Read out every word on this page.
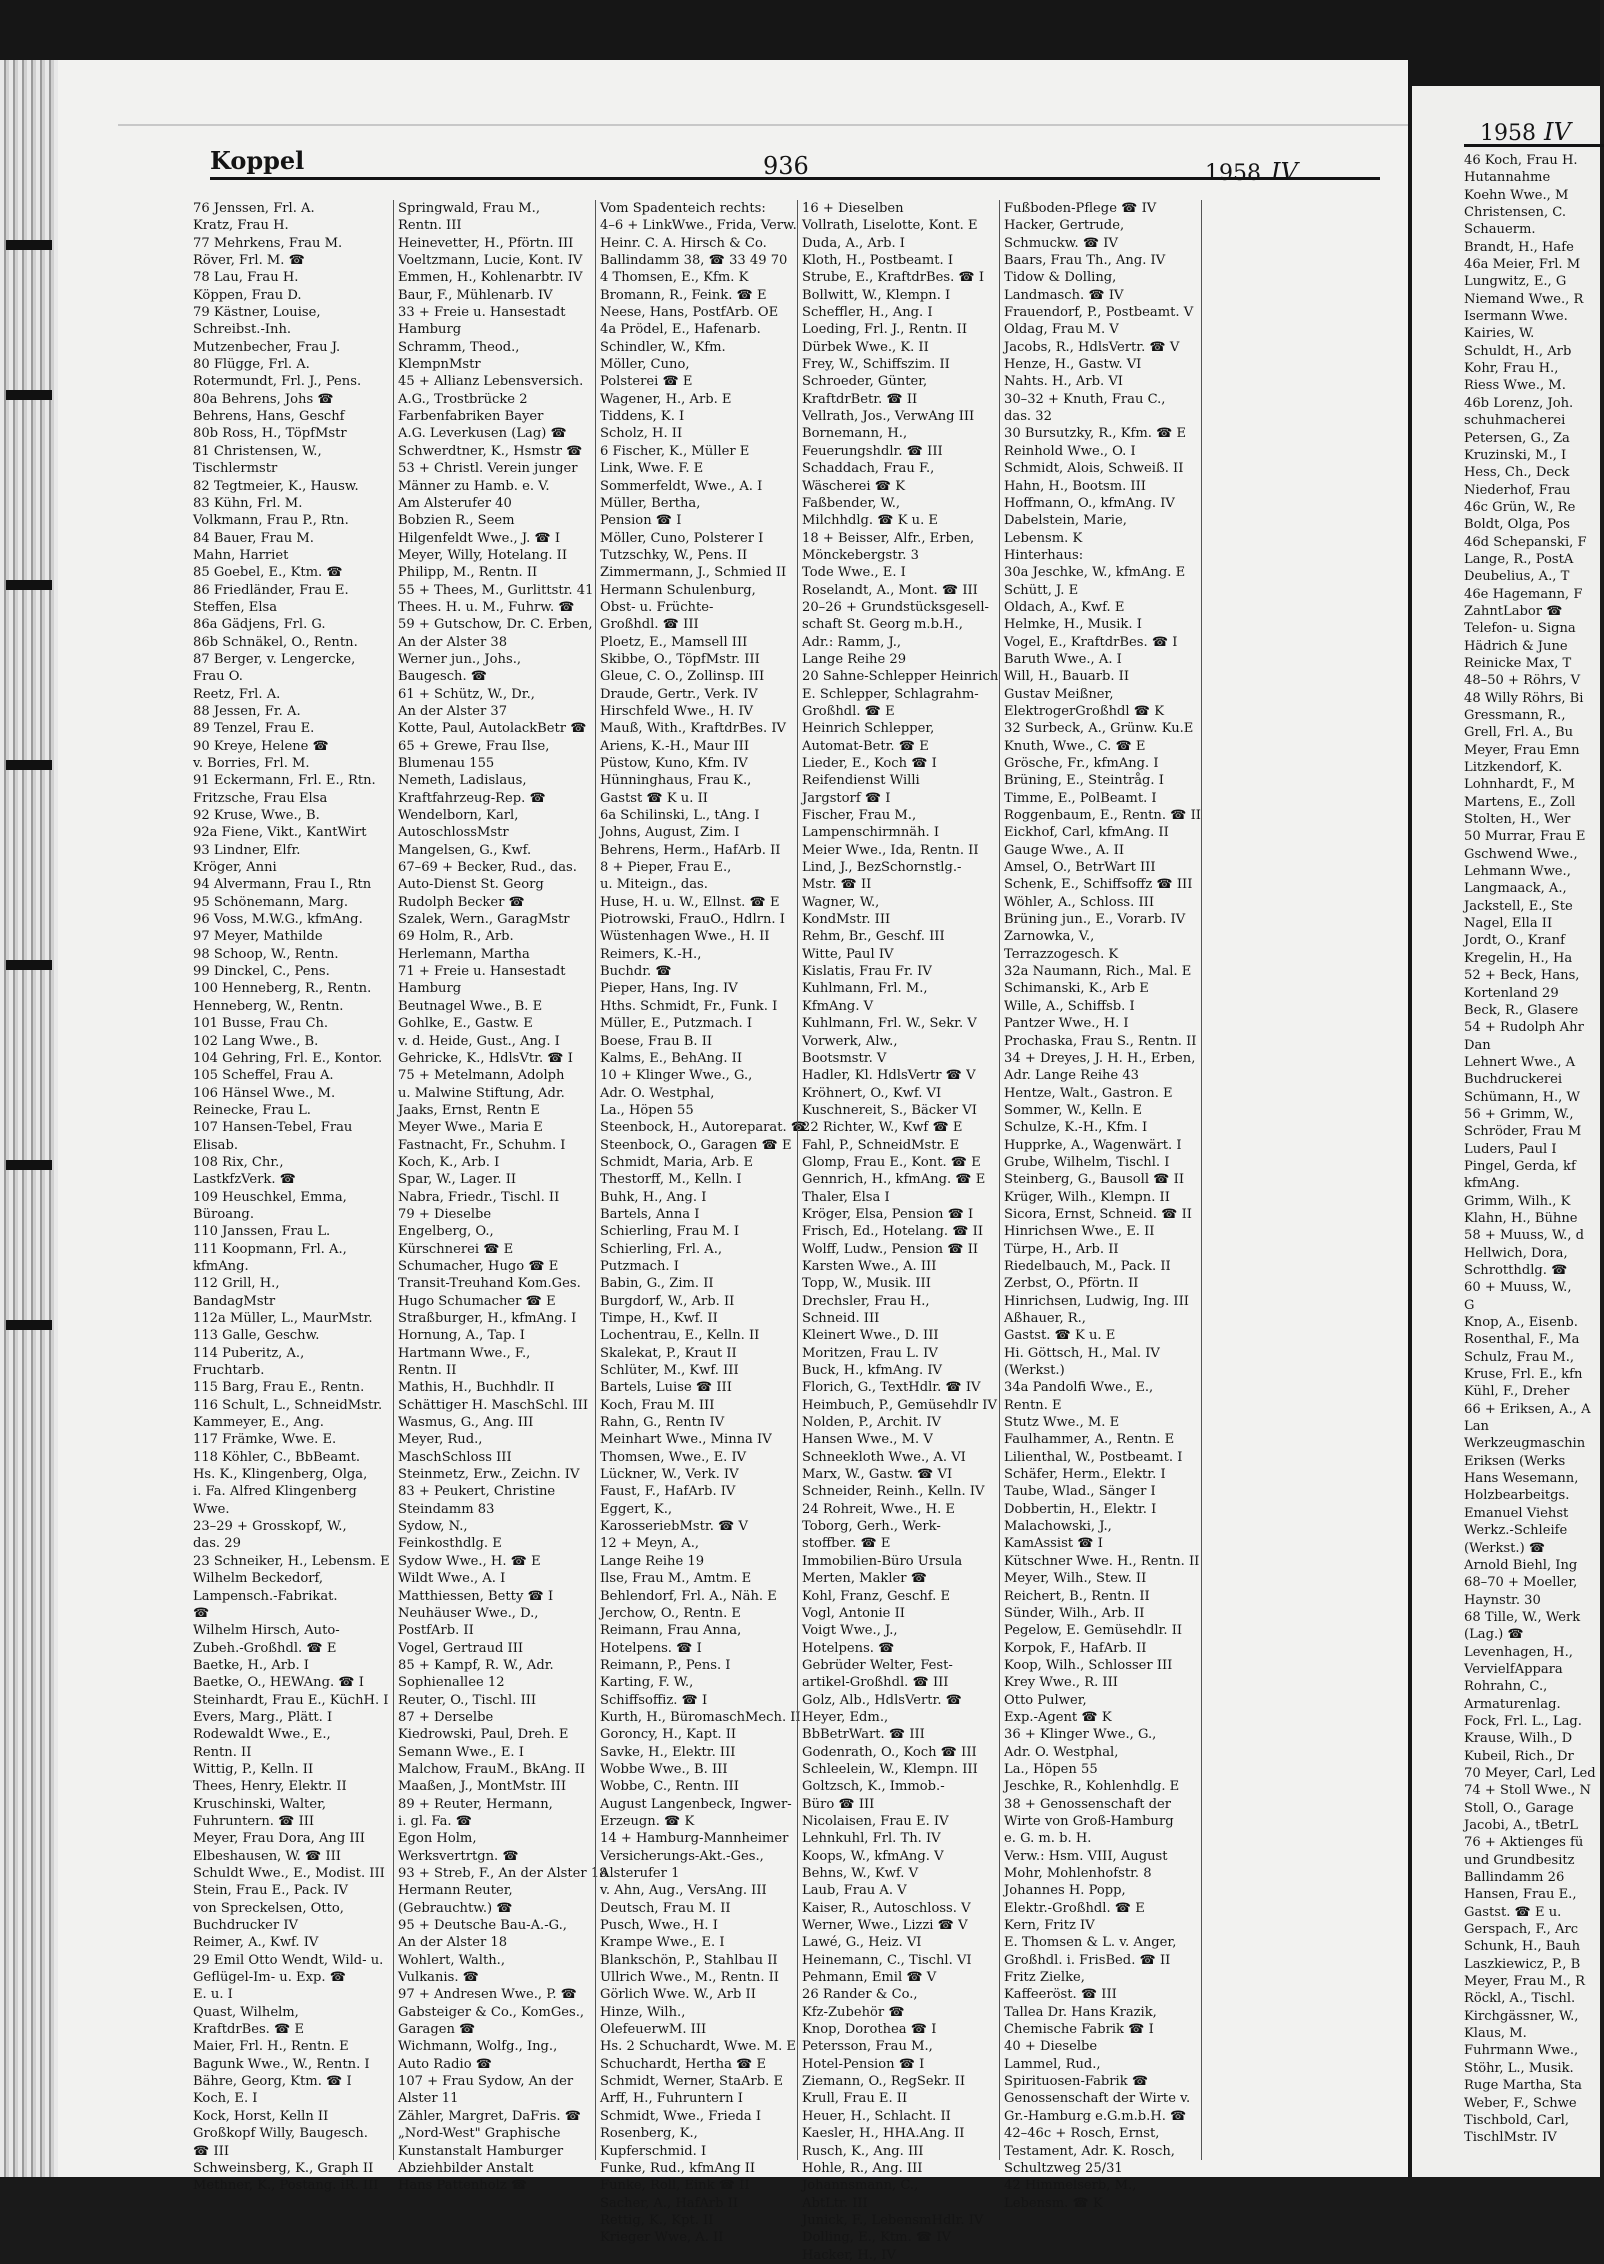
Koppel	936	1958 IV
76 Jenssen, Frl. A.
Kratz, Frau H.
77 Mehrkens, Frau M.
Röver, Frl. M. ☎
78 Lau, Frau H.
Köppen, Frau D.
79 Kästner, Louise,
Schreibst.-Inh.
Mutzenbecher, Frau J.
80 Flügge, Frl. A.
Rotermundt, Frl. J., Pens.
80a Behrens, Johs ☎
Behrens, Hans, Geschf
80b Ross, H., TöpfMstr
81 Christensen, W.,
Tischlermstr
82 Tegtmeier, K., Hausw.
83 Kühn, Frl. M.
Volkmann, Frau P., Rtn.
84 Bauer, Frau M.
Mahn, Harriet
85 Goebel, E., Ktm. ☎
86 Friedländer, Frau E.
Steffen, Elsa
86a Gädjens, Frl. G.
86b Schnäkel, O., Rentn.
87 Berger, v. Lengercke,
Frau O.
Reetz, Frl. A.
88 Jessen, Fr. A.
89 Tenzel, Frau E.
90 Kreye, Helene ☎
v. Borries, Frl. M.
91 Eckermann, Frl. E., Rtn.
Fritzsche, Frau Elsa
92 Kruse, Wwe., B.
92a Fiene, Vikt., KantWirt
93 Lindner, Elfr.
Kröger, Anni
94 Alvermann, Frau I., Rtn
95 Schönemann, Marg.
96 Voss, M.W.G., kfmAng.
97 Meyer, Mathilde
98 Schoop, W., Rentn.
99 Dinckel, C., Pens.
100 Henneberg, R., Rentn.
Henneberg, W., Rentn.
101 Busse, Frau Ch.
102 Lang Wwe., B.
104 Gehring, Frl. E., Kontor.
105 Scheffel, Frau A.
106 Hänsel Wwe., M.
Reinecke, Frau L.
107 Hansen-Tebel, Frau
Elisab.
108 Rix, Chr.,
LastkfzVerk. ☎
109 Heuschkel, Emma,
Büroang.
110 Janssen, Frau L.
111 Koopmann, Frl. A.,
kfmAng.
112 Grill, H.,
BandagMstr
112a Müller, L., MaurMstr.
113 Galle, Geschw.
114 Puberitz, A.,
Fruchtarb.
115 Barg, Frau E., Rentn.
116 Schult, L., SchneidMstr.
Kammeyer, E., Ang.
117 Främke, Wwe. E.
118 Köhler, C., BbBeamt.
Hs. K., Klingenberg, Olga,
i. Fa. Alfred Klingenberg
Wwe.
23–29 + Grosskopf, W.,
das. 29
23 Schneiker, H., Lebensm. E
Wilhelm Beckedorf,
Lampensch.-Fabrikat.
☎
Wilhelm Hirsch, Auto-
Zubeh.-Großhdl. ☎ E
Baetke, H., Arb. I
Baetke, O., HEWAng. ☎ I
Steinhardt, Frau E., KüchH. I
Evers, Marg., Plätt. I
Rodewaldt Wwe., E.,
Rentn. II
Wittig, P., Kelln. II
Thees, Henry, Elektr. II
Kruschinski, Walter,
Fuhruntern. ☎ III
Meyer, Frau Dora, Ang III
Elbeshausen, W. ☎ III
Schuldt Wwe., E., Modist. III
Stein, Frau E., Pack. IV
von Spreckelsen, Otto,
Buchdrucker IV
Reimer, A., Kwf. IV
29 Emil Otto Wendt, Wild- u.
Geflügel-Im- u. Exp. ☎
E. u. I
Quast, Wilhelm,
KraftdrBes. ☎ E
Maier, Frl. H., Rentn. E
Bagunk Wwe., W., Rentn. I
Bähre, Georg, Ktm. ☎ I
Koch, E. I
Kock, Horst, Kelln II
Großkopf Willy, Baugesch.
☎ III
Schweinsberg, K., Graph II
Methner, K., Postang. iR. III
Springwald, Frau M.,
Rentn. III
Heinevetter, H., Pförtn. III
Voeltzmann, Lucie, Kont. IV
Emmen, H., Kohlenarbtr. IV
Baur, F., Mühlenarb. IV
33 + Freie u. Hansestadt
Hamburg
Schramm, Theod.,
KlempnMstr
45 + Allianz Lebensversich.
A.G., Trostbrücke 2
Farbenfabriken Bayer
A.G. Leverkusen (Lag) ☎
Schwerdtner, K., Hsmstr ☎
53 + Christl. Verein junger
Männer zu Hamb. e. V.
Am Alsterufer 40
Bobzien R., Seem
Hilgenfeldt Wwe., J. ☎ I
Meyer, Willy, Hotelang. II
Philipp, M., Rentn. II
55 + Thees, M., Gurlittstr. 41
Thees. H. u. M., Fuhrw. ☎
59 + Gutschow, Dr. C. Erben,
An der Alster 38
Werner jun., Johs.,
Baugesch. ☎
61 + Schütz, W., Dr.,
An der Alster 37
Kotte, Paul, AutolackBetr ☎
65 + Grewe, Frau Ilse,
Blumenau 155
Nemeth, Ladislaus,
Kraftfahrzeug-Rep. ☎
Wendelborn, Karl,
AutoschlossMstr
Mangelsen, G., Kwf.
67–69 + Becker, Rud., das.
Auto-Dienst St. Georg
Rudolph Becker ☎
Szalek, Wern., GaragMstr
69 Holm, R., Arb.
Herlemann, Martha
71 + Freie u. Hansestadt
Hamburg
Beutnagel Wwe., B. E
Gohlke, E., Gastw. E
v. d. Heide, Gust., Ang. I
Gehricke, K., HdlsVtr. ☎ I
75 + Metelmann, Adolph
u. Malwine Stiftung, Adr.
Jaaks, Ernst, Rentn E
Meyer Wwe., Maria E
Fastnacht, Fr., Schuhm. I
Koch, K., Arb. I
Spar, W., Lager. II
Nabra, Friedr., Tischl. II
79 + Dieselbe
Engelberg, O.,
Kürschnerei ☎ E
Schumacher, Hugo ☎ E
Transit-Treuhand Kom.Ges.
Hugo Schumacher ☎ E
Straßburger, H., kfmAng. I
Hornung, A., Tap. I
Hartmann Wwe., F.,
Rentn. II
Mathis, H., Buchhdlr. II
Schättiger H. MaschSchl. III
Wasmus, G., Ang. III
Meyer, Rud.,
MaschSchloss III
Steinmetz, Erw., Zeichn. IV
83 + Peukert, Christine
Steindamm 83
Sydow, N.,
Feinkosthdlg. E
Sydow Wwe., H. ☎ E
Wildt Wwe., A. I
Matthiessen, Betty ☎ I
Neuhäuser Wwe., D.,
PostfArb. II
Vogel, Gertraud III
85 + Kampf, R. W., Adr.
Sophienallee 12
Reuter, O., Tischl. III
87 + Derselbe
Kiedrowski, Paul, Dreh. E
Semann Wwe., E. I
Malchow, FrauM., BkAng. II
Maaßen, J., MontMstr. III
89 + Reuter, Hermann,
i. gl. Fa. ☎
Egon Holm,
Werksvertrtgn. ☎
93 + Streb, F., An der Alster 18
Hermann Reuter,
(Gebrauchtw.) ☎
95 + Deutsche Bau-A.-G.,
An der Alster 18
Wohlert, Walth.,
Vulkanis. ☎
97 + Andresen Wwe., P. ☎
Gabsteiger & Co., KomGes.,
Garagen ☎
Wichmann, Wolfg., Ing.,
Auto Radio ☎
107 + Frau Sydow, An der
Alster 11
Zähler, Margret, DaFris. ☎
„Nord-West" Graphische
Kunstanstalt Hamburger
Abziehbilder Anstalt
Hans Pattenholz ☎
Vom Spadenteich rechts:
4–6 + LinkWwe., Frida, Verw.
Heinr. C. A. Hirsch & Co.
Ballindamm 38, ☎ 33 49 70
4 Thomsen, E., Kfm. K
Bromann, R., Feink. ☎ E
Neese, Hans, PostfArb. OE
4a Prödel, E., Hafenarb.
Schindler, W., Kfm.
Möller, Cuno,
Polsterei ☎ E
Wagener, H., Arb. E
Tiddens, K. I
Scholz, H. II
6 Fischer, K., Müller E
Link, Wwe. F. E
Sommerfeldt, Wwe., A. I
Müller, Bertha,
Pension ☎ I
Möller, Cuno, Polsterer I
Tutzschky, W., Pens. II
Zimmermann, J., Schmied II
Hermann Schulenburg,
Obst- u. Früchte-
Großhdl. ☎ III
Ploetz, E., Mamsell III
Skibbe, O., TöpfMstr. III
Gleue, C. O., Zollinsp. III
Draude, Gertr., Verk. IV
Hirschfeld Wwe., H. IV
Mauß, With., KraftdrBes. IV
Ariens, K.-H., Maur III
Püstow, Kuno, Kfm. IV
Hünninghaus, Frau K.,
Gastst ☎ K u. II
6a Schilinski, L., tAng. I
Johns, August, Zim. I
Behrens, Herm., HafArb. II
8 + Pieper, Frau E.,
u. Miteign., das.
Huse, H. u. W., Ellnst. ☎ E
Piotrowski, FrauO., Hdlrn. I
Wüstenhagen Wwe., H. II
Reimers, K.-H.,
Buchdr. ☎
Pieper, Hans, Ing. IV
Hths. Schmidt, Fr., Funk. I
Müller, E., Putzmach. I
Boese, Frau B. II
Kalms, E., BehAng. II
10 + Klinger Wwe., G.,
Adr. O. Westphal,
La., Höpen 55
Steenbock, H., Autoreparat. ☎
Steenbock, O., Garagen ☎ E
Schmidt, Maria, Arb. E
Thestorff, M., Kelln. I
Buhk, H., Ang. I
Bartels, Anna I
Schierling, Frau M. I
Schierling, Frl. A.,
Putzmach. I
Babin, G., Zim. II
Burgdorf, W., Arb. II
Timpe, H., Kwf. II
Lochentrau, E., Kelln. II
Skalekat, P., Kraut II
Schlüter, M., Kwf. III
Bartels, Luise ☎ III
Koch, Frau M. III
Rahn, G., Rentn IV
Meinhart Wwe., Minna IV
Thomsen, Wwe., E. IV
Lückner, W., Verk. IV
Faust, F., HafArb. IV
Eggert, K.,
KarosseriebMstr. ☎ V
12 + Meyn, A.,
Lange Reihe 19
Ilse, Frau M., Amtm. E
Behlendorf, Frl. A., Näh. E
Jerchow, O., Rentn. E
Reimann, Frau Anna,
Hotelpens. ☎ I
Reimann, P., Pens. I
Karting, F. W.,
Schiffsoffiz. ☎ I
Kurth, H., BüromaschMech. II
Goroncy, H., Kapt. II
Savke, H., Elektr. III
Wobbe Wwe., B. III
Wobbe, C., Rentn. III
August Langenbeck, Ingwer-
Erzeugn. ☎ K
14 + Hamburg-Mannheimer
Versicherungs-Akt.-Ges.,
Alsterufer 1
v. Ahn, Aug., VersAng. III
Deutsch, Frau M. II
Pusch, Wwe., H. I
Krampe Wwe., E. I
Blankschön, P., Stahlbau II
Ullrich Wwe., M., Rentn. II
Görlich Wwe. W., Arb II
Hinze, Wilh.,
OlefeuerwM. III
Hs. 2 Schuchardt, Wwe. M. E
Schuchardt, Hertha ☎ E
Schmidt, Werner, StaArb. E
Arff, H., Fuhruntern I
Schmidt, Wwe., Frieda I
Rosenberg, K.,
Kupferschmid. I
Funke, Rud., kfmAng II
Funke, Roll, Eink ☎ II
Sacher, A., HafArb II
Rettig, K., Kpt. II
Krieger Wwe, A. II
16 + Dieselben
Vollrath, Liselotte, Kont. E
Duda, A., Arb. I
Kloth, H., Postbeamt. I
Strube, E., KraftdrBes. ☎ I
Bollwitt, W., Klempn. I
Scheffler, H., Ang. I
Loeding, Frl. J., Rentn. II
Dürbek Wwe., K. II
Frey, W., Schiffszim. II
Schroeder, Günter,
KraftdrBetr. ☎ II
Vellrath, Jos., VerwAng III
Bornemann, H.,
Feuerungshdlr. ☎ III
Schaddach, Frau F.,
Wäscherei ☎ K
Faßbender, W.,
Milchhdlg. ☎ K u. E
18 + Beisser, Alfr., Erben,
Mönckebergstr. 3
Tode Wwe., E. I
Roselandt, A., Mont. ☎ III
20–26 + Grundstücksgesell-
schaft St. Georg m.b.H.,
Adr.: Ramm, J.,
Lange Reihe 29
20 Sahne-Schlepper Heinrich
E. Schlepper, Schlagrahm-
Großhdl. ☎ E
Heinrich Schlepper,
Automat-Betr. ☎ E
Lieder, E., Koch ☎ I
Reifendienst Willi
Jargstorf ☎ I
Fischer, Frau M.,
Lampenschirmnäh. I
Meier Wwe., Ida, Rentn. II
Lind, J., BezSchornstlg.-
Mstr. ☎ II
Wagner, W.,
KondMstr. III
Rehm, Br., Geschf. III
Witte, Paul IV
Kislatis, Frau Fr. IV
Kuhlmann, Frl. M.,
KfmAng. V
Kuhlmann, Frl. W., Sekr. V
Vorwerk, Alw.,
Bootsmstr. V
Hadler, Kl. HdlsVertr ☎ V
Kröhnert, O., Kwf. VI
Kuschnereit, S., Bäcker VI
22 Richter, W., Kwf ☎ E
Fahl, P., SchneidMstr. E
Glomp, Frau E., Kont. ☎ E
Gennrich, H., kfmAng. ☎ E
Thaler, Elsa I
Kröger, Elsa, Pension ☎ I
Frisch, Ed., Hotelang. ☎ II
Wolff, Ludw., Pension ☎ II
Karsten Wwe., A. III
Topp, W., Musik. III
Drechsler, Frau H.,
Schneid. III
Kleinert Wwe., D. III
Moritzen, Frau L. IV
Buck, H., kfmAng. IV
Florich, G., TextHdlr. ☎ IV
Heimbuch, P., Gemüsehdlr IV
Nolden, P., Archit. IV
Hansen Wwe., M. V
Schneekloth Wwe., A. VI
Marx, W., Gastw. ☎ VI
Schneider, Reinh., Kelln. IV
24 Rohreit, Wwe., H. E
Toborg, Gerh., Werk-
stoffber. ☎ E
Immobilien-Büro Ursula
Merten, Makler ☎
Kohl, Franz, Geschf. E
Vogl, Antonie II
Voigt Wwe., J.,
Hotelpens. ☎
Gebrüder Welter, Fest-
artikel-Großhdl. ☎ III
Golz, Alb., HdlsVertr. ☎
Heyer, Edm.,
BbBetrWart. ☎ III
Godenrath, O., Koch ☎ III
Schleelein, W., Klempn. III
Goltzsch, K., Immob.-
Büro ☎ III
Nicolaisen, Frau E. IV
Lehnkuhl, Frl. Th. IV
Koops, W., kfmAng. V
Behns, W., Kwf. V
Laub, Frau A. V
Kaiser, R., Autoschloss. V
Werner, Wwe., Lizzi ☎ V
Lawé, G., Heiz. VI
Heinemann, C., Tischl. VI
Pehmann, Emil ☎ V
26 Rander & Co.,
Kfz-Zubehör ☎
Knop, Dorothea ☎ I
Petersson, Frau M.,
Hotel-Pension ☎ I
Ziemann, O., RegSekr. II
Krull, Frau E. II
Heuer, H., Schlacht. II
Kaesler, H., HHA.Ang. II
Rusch, K., Ang. III
Hohle, R., Ang. III
Johannsmann, C.,
AbtLtr. III
Junick, F., LebensmHdlr. IV
Dolling, E., Ktm. ☎ IV
Hacker, H., IV
Fußboden-Pflege ☎ IV
Hacker, Gertrude,
Schmuckw. ☎ IV
Baars, Frau Th., Ang. IV
Tidow & Dolling,
Landmasch. ☎ IV
Frauendorf, P., Postbeamt. V
Oldag, Frau M. V
Jacobs, R., HdlsVertr. ☎ V
Henze, H., Gastw. VI
Nahts. H., Arb. VI
30–32 + Knuth, Frau C.,
das. 32
30 Bursutzky, R., Kfm. ☎ E
Reinhold Wwe., O. I
Schmidt, Alois, Schweiß. II
Hahn, H., Bootsm. III
Hoffmann, O., kfmAng. IV
Dabelstein, Marie,
Lebensm. K
Hinterhaus:
30a Jeschke, W., kfmAng. E
Schütt, J. E
Oldach, A., Kwf. E
Helmke, H., Musik. I
Vogel, E., KraftdrBes. ☎ I
Baruth Wwe., A. I
Will, H., Bauarb. II
Gustav Meißner,
ElektrogerGroßhdl ☎ K
32 Surbeck, A., Grünw. Ku.E
Knuth, Wwe., C. ☎ E
Grösche, Fr., kfmAng. I
Brüning, E., Steintråg. I
Timme, E., PolBeamt. I
Roggenbaum, E., Rentn. ☎ II
Eickhof, Carl, kfmAng. II
Gauge Wwe., A. II
Amsel, O., BetrWart III
Schenk, E., Schiffsoffz ☎ III
Wöhler, A., Schloss. III
Brüning jun., E., Vorarb. IV
Zarnowka, V.,
Terrazzogesch. K
32a Naumann, Rich., Mal. E
Schimanski, K., Arb E
Wille, A., Schiffsb. I
Pantzer Wwe., H. I
Prochaska, Frau S., Rentn. II
34 + Dreyes, J. H. H., Erben,
Adr. Lange Reihe 43
Hentze, Walt., Gastron. E
Sommer, W., Kelln. E
Schulze, K.-H., Kfm. I
Hupprke, A., Wagenwärt. I
Grube, Wilhelm, Tischl. I
Steinberg, G., Bausoll ☎ II
Krüger, Wilh., Klempn. II
Sicora, Ernst, Schneid. ☎ II
Hinrichsen Wwe., E. II
Türpe, H., Arb. II
Riedelbauch, M., Pack. II
Zerbst, O., Pförtn. II
Hinrichsen, Ludwig, Ing. III
Aßhauer, R.,
Gastst. ☎ K u. E
Hi. Göttsch, H., Mal. IV
(Werkst.)
34a Pandolfi Wwe., E.,
Rentn. E
Stutz Wwe., M. E
Faulhammer, A., Rentn. E
Lilienthal, W., Postbeamt. I
Schäfer, Herm., Elektr. I
Taube, Wlad., Sänger I
Dobbertin, H., Elektr. I
Malachowski, J.,
KamAssist ☎ I
Kütschner Wwe. H., Rentn. II
Meyer, Wilh., Stew. II
Reichert, B., Rentn. II
Sünder, Wilh., Arb. II
Pegelow, E. Gemüsehdlr. II
Korpok, F., HafArb. II
Koop, Wilh., Schlosser III
Krey Wwe., R. III
Otto Pulwer,
Exp.-Agent ☎ K
36 + Klinger Wwe., G.,
Adr. O. Westphal,
La., Höpen 55
Jeschke, R., Kohlenhdlg. E
38 + Genossenschaft der
Wirte von Groß-Hamburg
e. G. m. b. H.
Verw.: Hsm. VIII, August
Mohr, Mohlenhofstr. 8
Johannes H. Popp,
Elektr.-Großhdl. ☎ E
Kern, Fritz IV
E. Thomsen & L. v. Anger,
Großhdl. i. FrisBed. ☎ II
Fritz Zielke,
Kaffeeröst. ☎ III
Tallea Dr. Hans Krazik,
Chemische Fabrik ☎ I
40 + Dieselbe
Lammel, Rud.,
Spirituosen-Fabrik ☎
Genossenschaft der Wirte v.
Gr.-Hamburg e.G.m.b.H. ☎
42–46c + Rosch, Ernst,
Testament, Adr. K. Rosch,
Schultzweg 25/31
42 Himmelserb, M.,
Lebensm. ☎ K
1958 IV
46 Koch, Frau H.
Hutannahme
Koehn Wwe., M
Christensen, C.
Schauerm.
Brandt, H., Hafe
46a Meier, Frl. M
Lungwitz, E., G
Niemand Wwe., R
Isermann Wwe.
Kairies, W.
Schuldt, H., Arb
Kohr, Frau H.,
Riess Wwe., M.
46b Lorenz, Joh.
schuhmacherei
Petersen, G., Za
Kruzinski, M., I
Hess, Ch., Deck
Niederhof, Frau
46c Grün, W., Re
Boldt, Olga, Pos
46d Schepanski, F
Lange, R., PostA
Deubelius, A., T
46e Hagemann, F
ZahntLabor ☎
Telefon- u. Signa
Hädrich & June
Reinicke Max, T
48–50 + Röhrs, V
48 Willy Röhrs, Bi
Gressmann, R.,
Grell, Frl. A., Bu
Meyer, Frau Emn
Litzkendorf, K.
Lohnhardt, F., M
Martens, E., Zoll
Stolten, H., Wer
50 Murrar, Frau E
Gschwend Wwe.,
Lehmann Wwe.,
Langmaack, A.,
Jackstell, E., Ste
Nagel, Ella II
Jordt, O., Kranf
Kregelin, H., Ha
52 + Beck, Hans,
Kortenland 29
Beck, R., Glasere
54 + Rudolph Ahr
Dan
Lehnert Wwe., A
Buchdruckerei
Schümann, H., W
56 + Grimm, W.,
Schröder, Frau M
Luders, Paul I
Pingel, Gerda, kf
kfmAng.
Grimm, Wilh., K
Klahn, H., Bühne
58 + Muuss, W., d
Hellwich, Dora,
Schrotthdlg. ☎
60 + Muuss, W.,
G
Knop, A., Eisenb.
Rosenthal, F., Ma
Schulz, Frau M.,
Kruse, Frl. E., kfn
Kühl, F., Dreher
66 + Eriksen, A., A
Lan
Werkzeugmaschin
Eriksen (Werks
Hans Wesemann,
Holzbearbeitgs.
Emanuel Viehst
Werkz.-Schleife
(Werkst.) ☎
Arnold Biehl, Ing
68–70 + Moeller,
Haynstr. 30
68 Tille, W., Werk
(Lag.) ☎
Levenhagen, H.,
VervielfAppara
Rohrahn, C.,
Armaturenlag.
Fock, Frl. L., Lag.
Krause, Wilh., D
Kubeil, Rich., Dr
70 Meyer, Carl, Led
74 + Stoll Wwe., N
Stoll, O., Garage
Jacobi, A., tBetrL
76 + Aktienges fü
und Grundbesitz
Ballindamm 26
Hansen, Frau E.,
Gastst. ☎ E u.
Gerspach, F., Arc
Schunk, H., Bauh
Laszkiewicz, P., B
Meyer, Frau M., R
Röckl, A., Tischl.
Kirchgässner, W.,
Klaus, M.
Fuhrmann Wwe.,
Stöhr, L., Musik.
Ruge Martha, Sta
Weber, F., Schwe
Tischbold, Carl,
TischlMstr. IV
